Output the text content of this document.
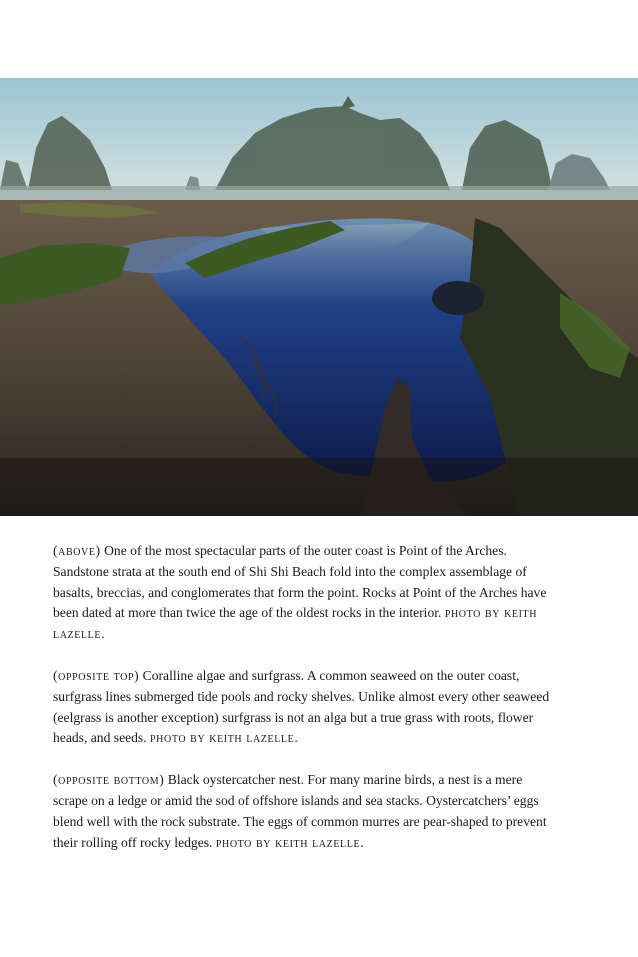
(above) One of the most spectacular parts of the outer coast is Point of the Arches. Sandstone strata at the south end of Shi Shi Beach fold into the complex assemblage of basalts, breccias, and conglomerates that form the point. Rocks at Point of the Arches have been dated at more than twice the age of the oldest rocks in the interior. photo by keith lazelle.

(opposite top) Coralline algae and surfgrass. A common seaweed on the outer coast, surfgrass lines submerged tide pools and rocky shelves. Unlike almost every other seaweed (eelgrass is another exception) surfgrass is not an alga but a true grass with roots, flower heads, and seeds. photo by keith lazelle.

(opposite bottom) Black oystercatcher nest. For many marine birds, a nest is a mere scrape on a ledge or amid the sod of offshore islands and sea stacks. Oystercatchers’ eggs blend well with the rock substrate. The eggs of common murres are pear-shaped to prevent their rolling off rocky ledges. photo by keith lazelle.
